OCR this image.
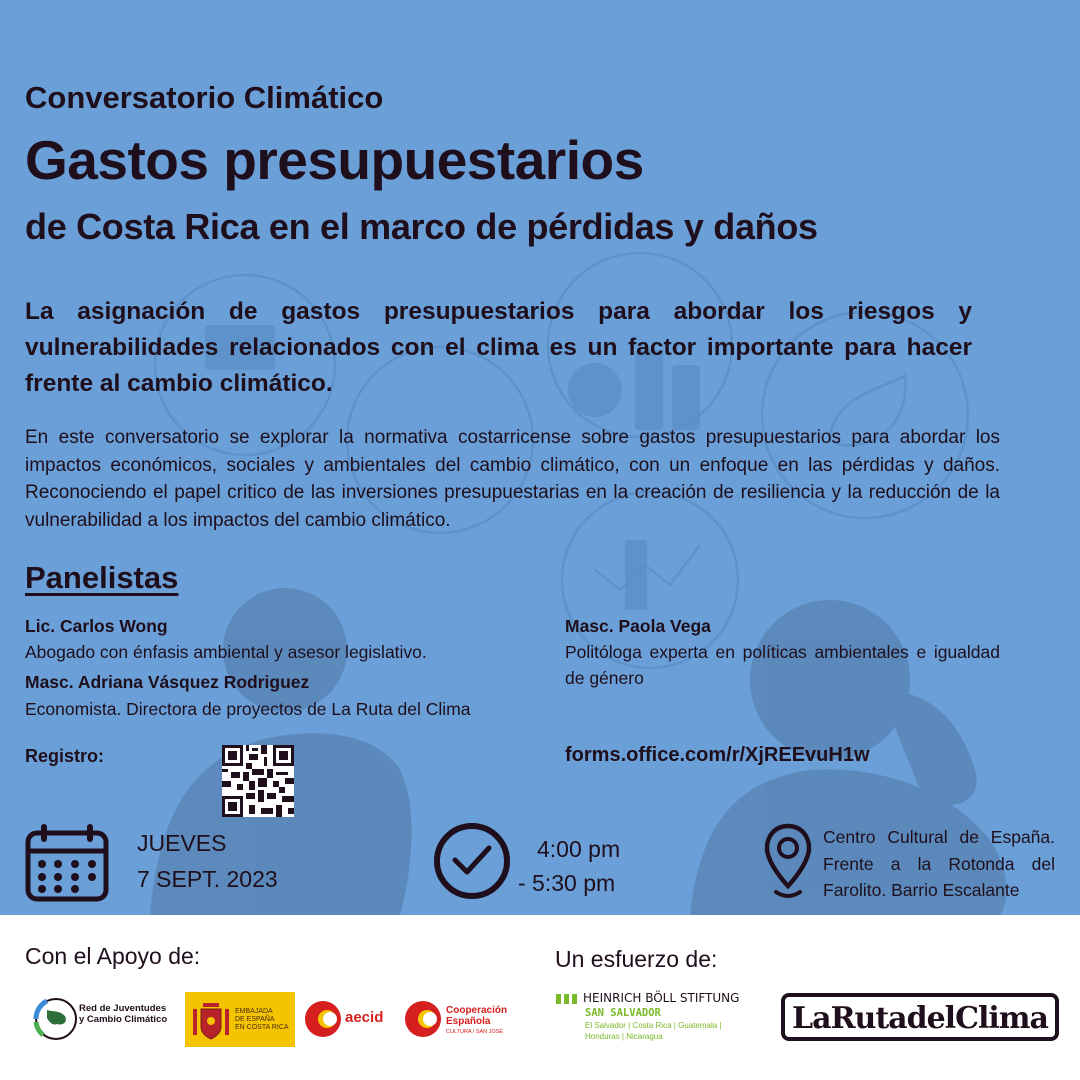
Conversatorio Climático
Gastos presupuestarios
de Costa Rica en el marco de pérdidas y daños
La asignación de gastos presupuestarios para abordar los riesgos y vulnerabilidades relacionados con el clima es un factor importante para hacer frente al cambio climático.
En este conversatorio se explorar la normativa costarricense sobre gastos presupuestarios para abordar los impactos económicos, sociales y ambientales del cambio climático, con un enfoque en las pérdidas y daños. Reconociendo el papel critico de las inversiones presupuestarias en la creación de resiliencia y la reducción de la vulnerabilidad a los impactos del cambio climático.
Panelistas
Lic. Carlos Wong
Abogado con énfasis ambiental y asesor legislativo.
Masc. Adriana Vásquez Rodriguez
Economista. Directora de proyectos de La Ruta del Clima
Masc. Paola Vega
Politóloga experta en políticas ambientales e igualdad de género
Registro:	forms.office.com/r/XjREEvuH1w
JUEVES
7 SEPT. 2023
4:00 pm
- 5:30 pm
Centro Cultural de España. Frente a la Rotonda del Farolito. Barrio Escalante
Con el Apoyo de:	Un esfuerzo de:
Red de Juventudes
y Cambio Climático
EMBAJADA
DE ESPAÑA
EN COSTA RICA
aecid	Cooperación
Española
CULTURA / SAN JOSÉ
HEINRICH BÖLL STIFTUNG
SAN SALVADOR
El Salvador | Costa Rica | Guatemala |
Honduras | Nicaragua
LaRutadelClima
